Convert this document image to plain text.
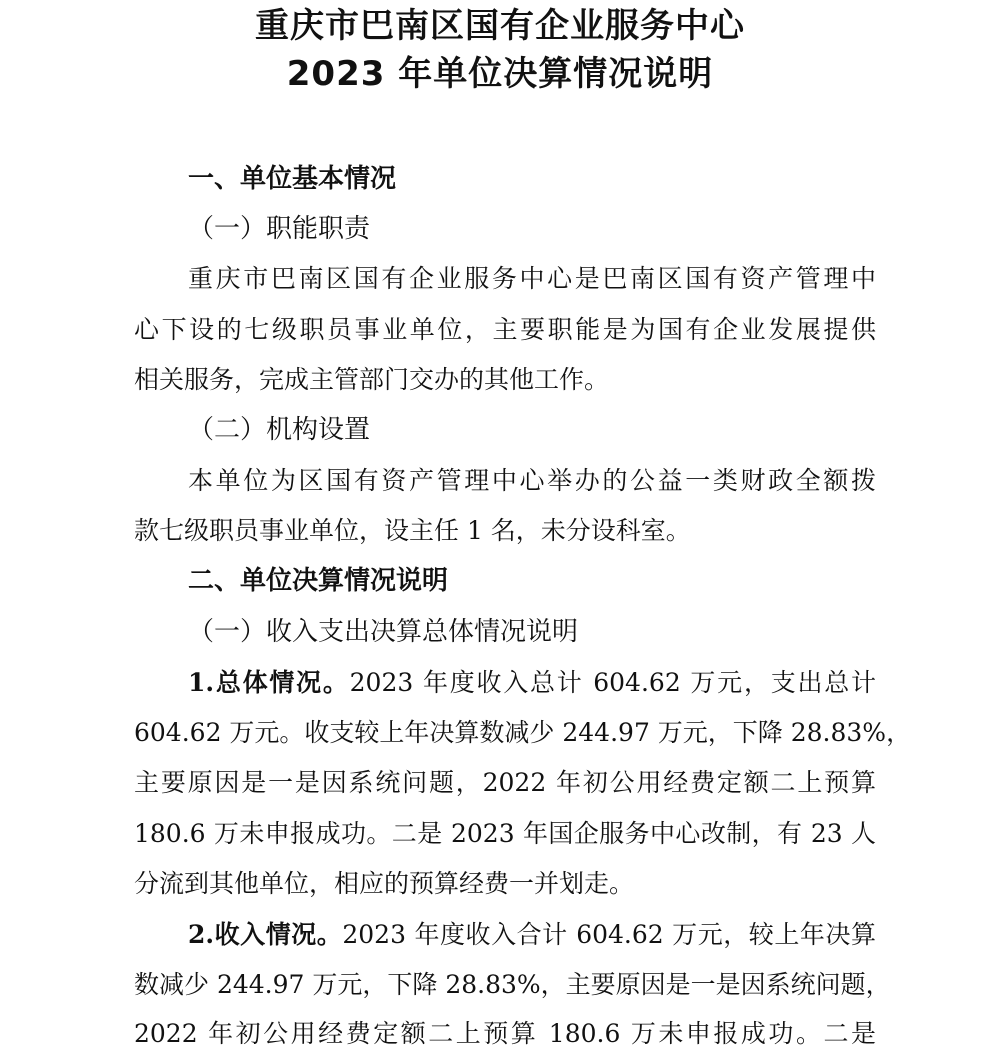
重庆市巴南区国有企业服务中心
2023 年单位决算情况说明
一、单位基本情况
（一）职能职责
重庆市巴南区国有企业服务中心是巴南区国有资产管理中
心下设的七级职员事业单位，主要职能是为国有企业发展提供
相关服务，完成主管部门交办的其他工作。
（二）机构设置
本单位为区国有资产管理中心举办的公益一类财政全额拨
款七级职员事业单位，设主任 1 名，未分设科室。
二、单位决算情况说明
（一）收入支出决算总体情况说明
1.总体情况。2023 年度收入总计 604.62 万元，支出总计
604.62 万元。收支较上年决算数减少 244.97 万元，下降 28.83%，
主要原因是一是因系统问题，2022 年初公用经费定额二上预算
180.6 万未申报成功。二是 2023 年国企服务中心改制，有 23 人
分流到其他单位，相应的预算经费一并划走。
2.收入情况。2023 年度收入合计 604.62 万元，较上年决算
数减少 244.97 万元，下降 28.83%，主要原因是一是因系统问题，
2022 年初公用经费定额二上预算 180.6 万未申报成功。二是
